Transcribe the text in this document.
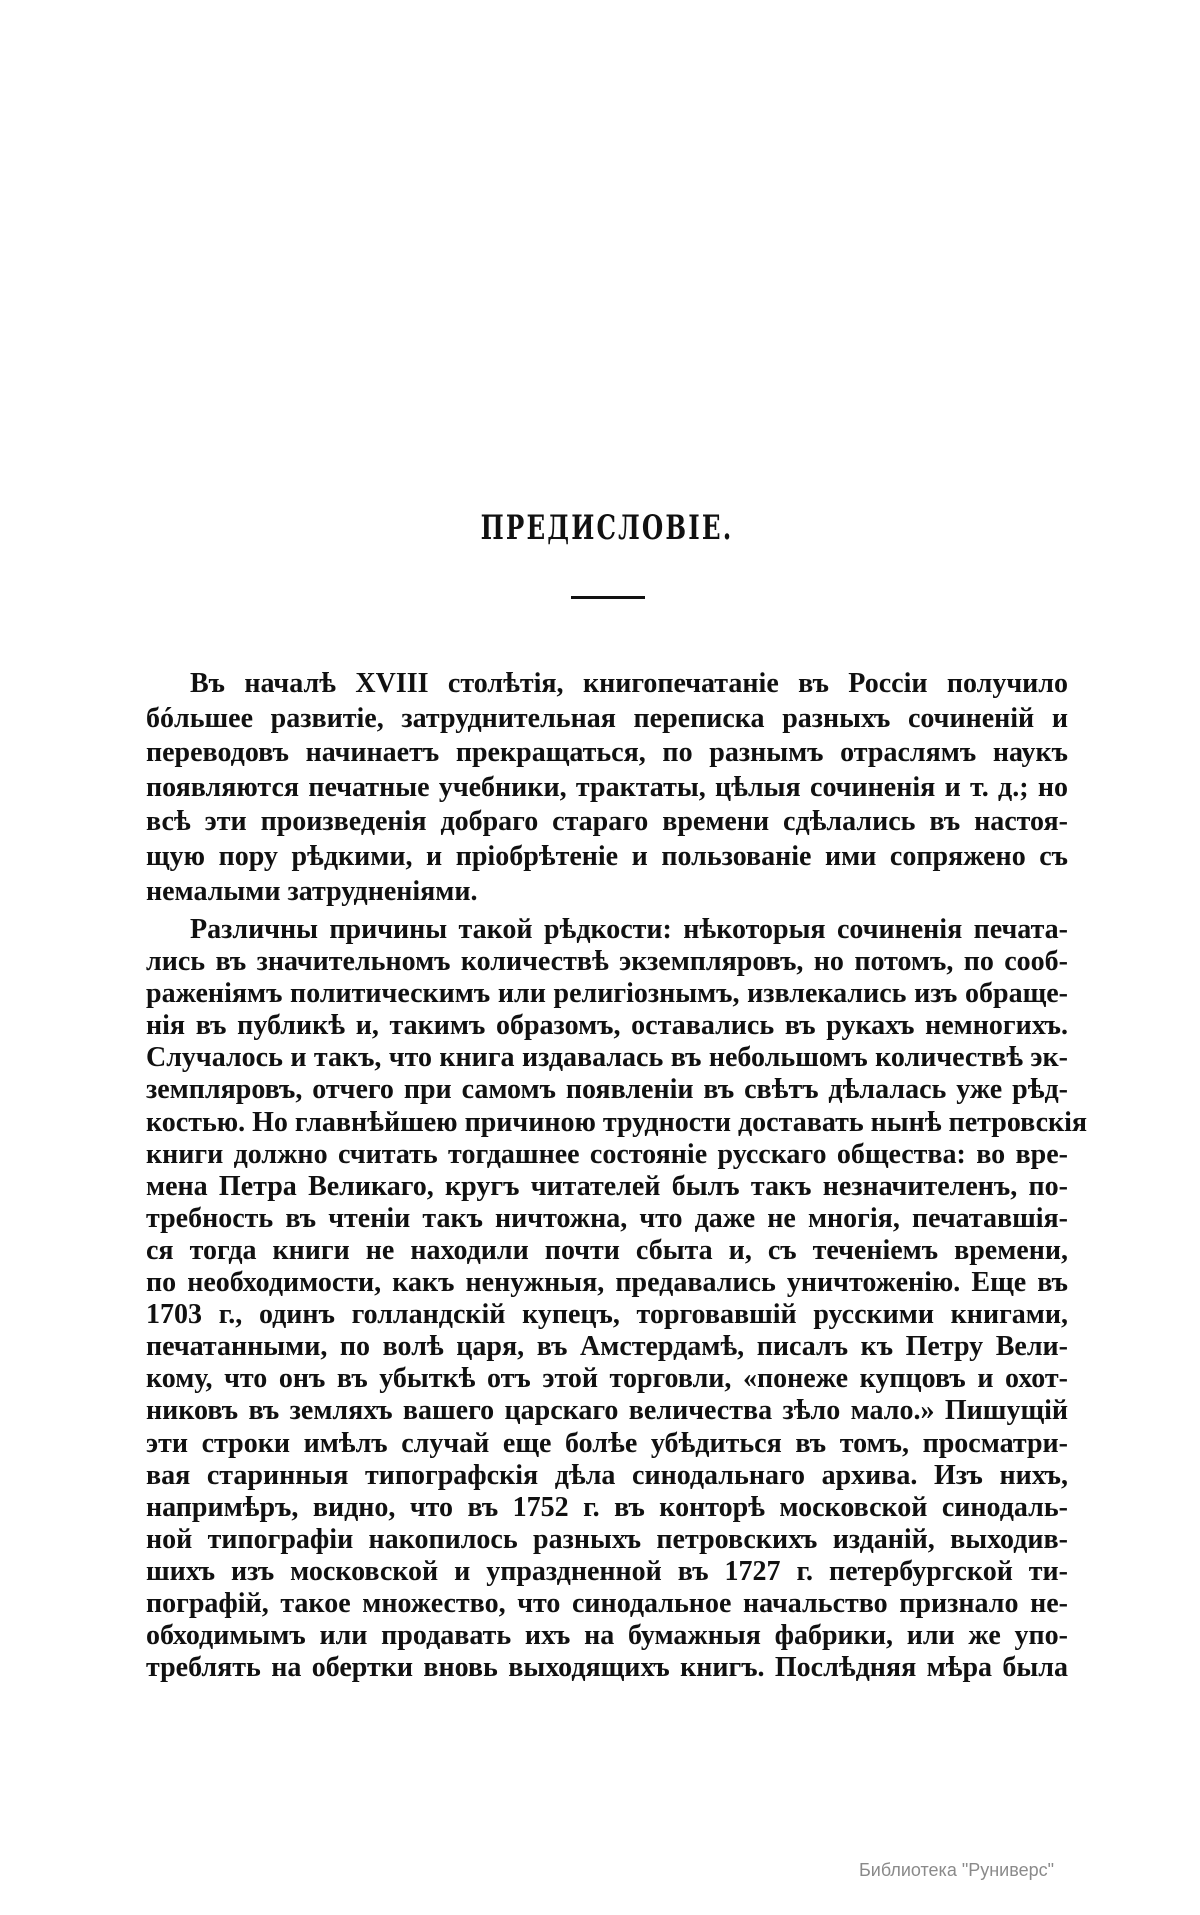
ПРЕДИСЛОВІЕ.
Въ началѣ XVIII столѣтія, книгопечатаніе въ Россіи получило
бóльшее развитіе, затруднительная переписка разныхъ сочиненій и
переводовъ начинаетъ прекращаться, по разнымъ отраслямъ наукъ
появляются печатные учебники, трактаты, цѣлыя сочиненія и т. д.; но
всѣ эти произведенія добраго стараго времени сдѣлались въ настоя-
щую пору рѣдкими, и пріобрѣтеніе и пользованіе ими сопряжено съ
немалыми затрудненіями.
Различны причины такой рѣдкости: нѣкоторыя сочиненія печата-
лись въ значительномъ количествѣ экземпляровъ, но потомъ, по сооб-
раженіямъ политическимъ или религіознымъ, извлекались изъ обраще-
нія въ публикѣ и, такимъ образомъ, оставались въ рукахъ немногихъ.
Случалось и такъ, что книга издавалась въ небольшомъ количествѣ эк-
земпляровъ, отчего при самомъ появленіи въ свѣтъ дѣлалась уже рѣд-
костью. Но главнѣйшею причиною трудности доставать нынѣ петровскія
книги должно считать тогдашнее состояніе русскаго общества: во вре-
мена Петра Великаго, кругъ читателей былъ такъ незначителенъ, по-
требность въ чтеніи такъ ничтожна, что даже не многія, печатавшія-
ся тогда книги не находили почти сбыта и, съ теченіемъ времени,
по необходимости, какъ ненужныя, предавались уничтоженію. Еще въ
1703 г., одинъ голландскій купецъ, торговавшій русскими книгами,
печатанными, по волѣ царя, въ Амстердамѣ, писалъ къ Петру Вели-
кому, что онъ въ убыткѣ отъ этой торговли, «понеже купцовъ и охот-
никовъ въ земляхъ вашего царскаго величества зѣло мало.» Пишущій
эти строки имѣлъ случай еще болѣе убѣдиться въ томъ, просматри-
вая старинныя типографскія дѣла синодальнаго архива. Изъ нихъ,
напримѣръ, видно, что въ 1752 г. въ конторѣ московской синодаль-
ной типографіи накопилось разныхъ петровскихъ изданій, выходив-
шихъ изъ московской и упраздненной въ 1727 г. петербургской ти-
пографій, такое множество, что синодальное начальство признало не-
обходимымъ или продавать ихъ на бумажныя фабрики, или же упо-
треблять на обертки вновь выходящихъ книгъ. Послѣдняя мѣра была
Библиотека "Руниверс"
